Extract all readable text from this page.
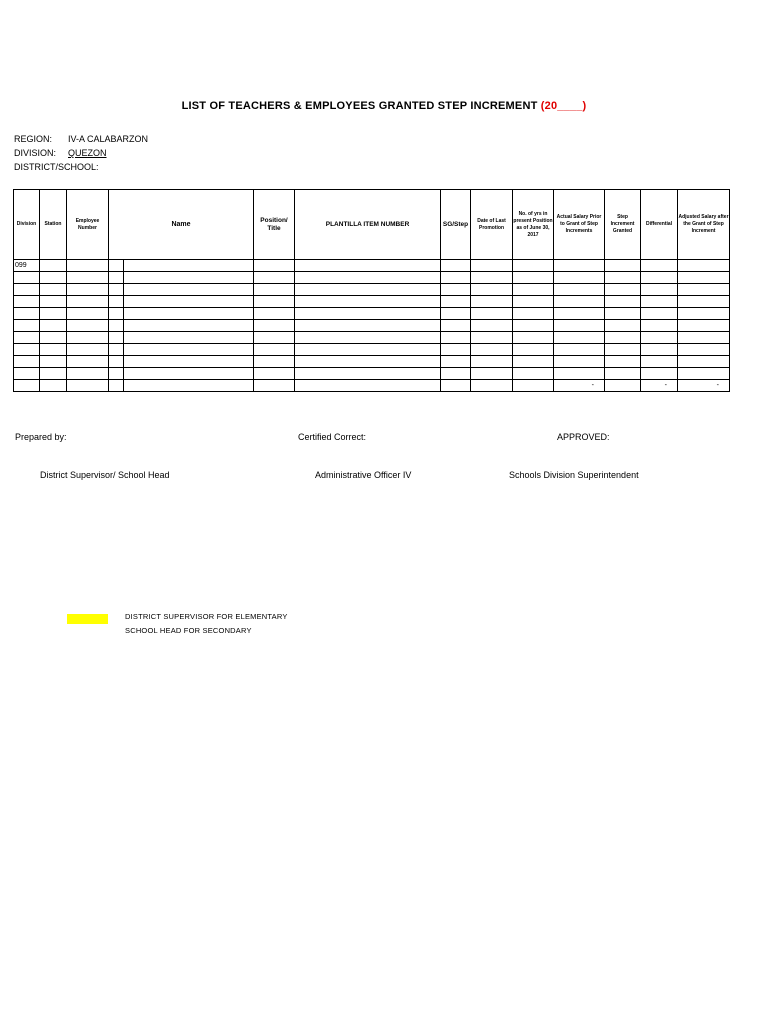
LIST OF TEACHERS & EMPLOYEES GRANTED STEP INCREMENT (20____)
REGION: IV-A CALABARZON
DIVISION: QUEZON
DISTRICT/SCHOOL:
Division	Station	Employee Number	Name		Position/ Title	PLANTILLA ITEM NUMBER	SG/Step	Date of Last Promotion	No. of yrs in present Position as of June 30, 2017	Actual Salary Prior to Grant of Step Increments	Step Increment Granted	Differential	Adjusted Salary after the Grant of Step Increment
099													

										-		-	-
Prepared by:	Certified Correct:	APPROVED:
District Supervisor/ School Head	Administrative Officer IV	Schools Division Superintendent
DISTRICT SUPERVISOR FOR ELEMENTARY
SCHOOL HEAD FOR SECONDARY
